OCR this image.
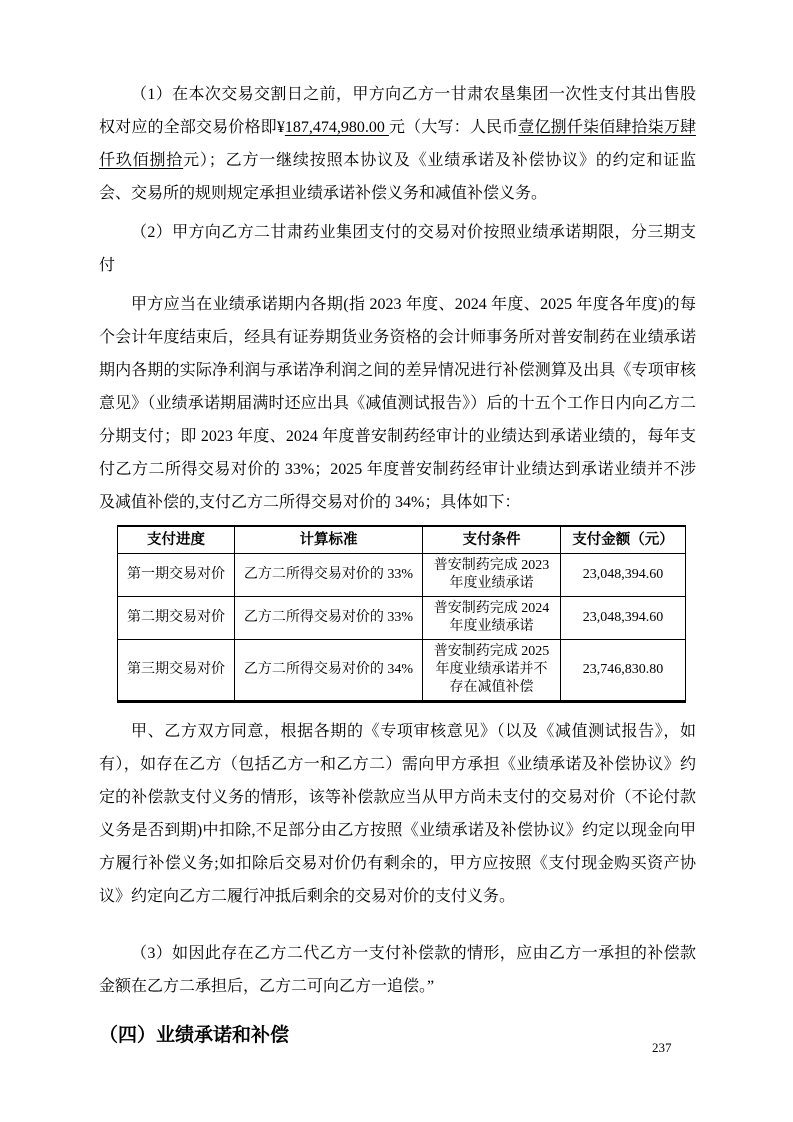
（1）在本次交易交割日之前，甲方向乙方一甘肃农垦集团一次性支付其出售股权对应的全部交易价格即¥187,474,980.00 元（大写：人民币壹亿捌仟柒佰肆拾柒万肆仟玖佰捌拾元）；乙方一继续按照本协议及《业绩承诺及补偿协议》的约定和证监会、交易所的规则规定承担业绩承诺补偿义务和减值补偿义务。

（2）甲方向乙方二甘肃药业集团支付的交易对价按照业绩承诺期限，分三期支付

甲方应当在业绩承诺期内各期(指 2023 年度、2024 年度、2025 年度各年度)的每个会计年度结束后，经具有证券期货业务资格的会计师事务所对普安制药在业绩承诺期内各期的实际净利润与承诺净利润之间的差异情况进行补偿测算及出具《专项审核意见》（业绩承诺期届满时还应出具《减值测试报告》）后的十五个工作日内向乙方二分期支付；即 2023 年度、2024 年度普安制药经审计的业绩达到承诺业绩的，每年支付乙方二所得交易对价的 33%；2025 年度普安制药经审计业绩达到承诺业绩并不涉及减值补偿的,支付乙方二所得交易对价的 34%；具体如下：

支付进度	计算标准	支付条件	支付金额（元）
第一期交易对价	乙方二所得交易对价的 33%	普安制药完成 2023 年度业绩承诺	23,048,394.60
第二期交易对价	乙方二所得交易对价的 33%	普安制药完成 2024 年度业绩承诺	23,048,394.60
第三期交易对价	乙方二所得交易对价的 34%	普安制药完成 2025 年度业绩承诺并不存在减值补偿	23,746,830.80

甲、乙方双方同意，根据各期的《专项审核意见》（以及《减值测试报告》，如有），如存在乙方（包括乙方一和乙方二）需向甲方承担《业绩承诺及补偿协议》约定的补偿款支付义务的情形，该等补偿款应当从甲方尚未支付的交易对价（不论付款义务是否到期)中扣除,不足部分由乙方按照《业绩承诺及补偿协议》约定以现金向甲方履行补偿义务;如扣除后交易对价仍有剩余的，甲方应按照《支付现金购买资产协议》约定向乙方二履行冲抵后剩余的交易对价的支付义务。

（3）如因此存在乙方二代乙方一支付补偿款的情形，应由乙方一承担的补偿款金额在乙方二承担后，乙方二可向乙方一追偿。”

（四）业绩承诺和补偿
237
